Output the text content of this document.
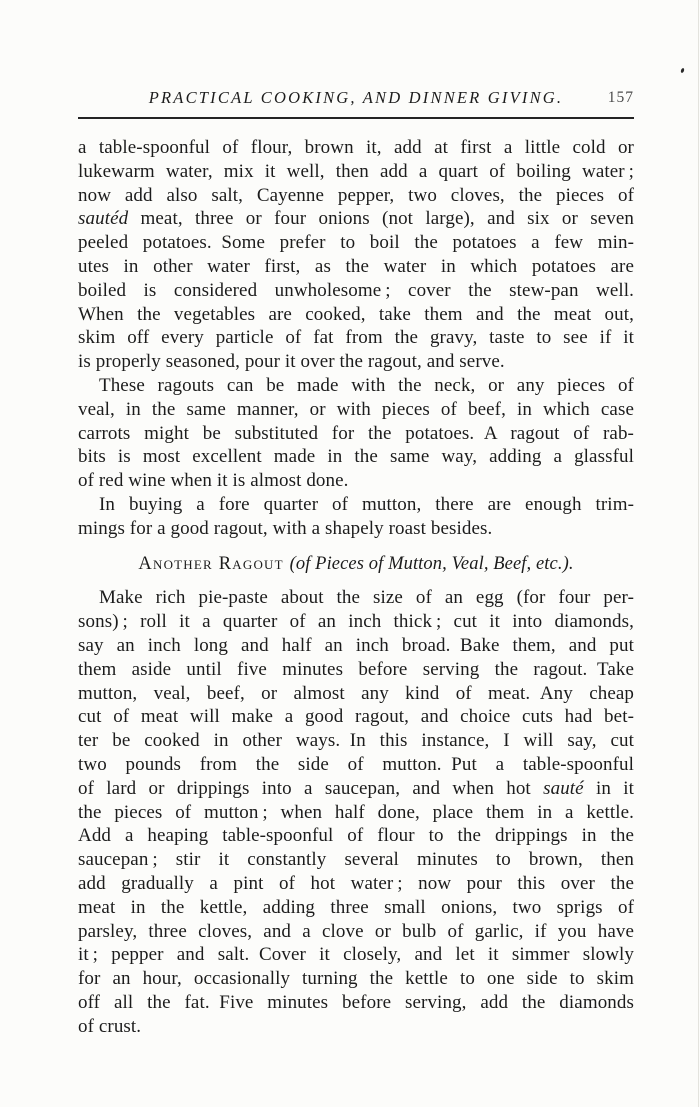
PRACTICAL COOKING, AND DINNER GIVING.	157
a table-spoonful of flour, brown it, add at first a little cold or
lukewarm water, mix it well, then add a quart of boiling water ;
now add also salt, Cayenne pepper, two cloves, the pieces of
sautéd meat, three or four onions (not large), and six or seven
peeled potatoes. Some prefer to boil the potatoes a few min-
utes in other water first, as the water in which potatoes are
boiled is considered unwholesome ; cover the stew-pan well.
When the vegetables are cooked, take them and the meat out,
skim off every particle of fat from the gravy, taste to see if it
is properly seasoned, pour it over the ragout, and serve.
These ragouts can be made with the neck, or any pieces of
veal, in the same manner, or with pieces of beef, in which case
carrots might be substituted for the potatoes. A ragout of rab-
bits is most excellent made in the same way, adding a glassful
of red wine when it is almost done.
In buying a fore quarter of mutton, there are enough trim-
mings for a good ragout, with a shapely roast besides.
Another Ragout (of Pieces of Mutton, Veal, Beef, etc.).
Make rich pie-paste about the size of an egg (for four per-
sons) ; roll it a quarter of an inch thick ; cut it into diamonds,
say an inch long and half an inch broad. Bake them, and put
them aside until five minutes before serving the ragout. Take
mutton, veal, beef, or almost any kind of meat. Any cheap
cut of meat will make a good ragout, and choice cuts had bet-
ter be cooked in other ways. In this instance, I will say, cut
two pounds from the side of mutton. Put a table-spoonful
of lard or drippings into a saucepan, and when hot sauté in it
the pieces of mutton ; when half done, place them in a kettle.
Add a heaping table-spoonful of flour to the drippings in the
saucepan ; stir it constantly several minutes to brown, then
add gradually a pint of hot water ; now pour this over the
meat in the kettle, adding three small onions, two sprigs of
parsley, three cloves, and a clove or bulb of garlic, if you have
it ; pepper and salt. Cover it closely, and let it simmer slowly
for an hour, occasionally turning the kettle to one side to skim
off all the fat. Five minutes before serving, add the diamonds
of crust.
